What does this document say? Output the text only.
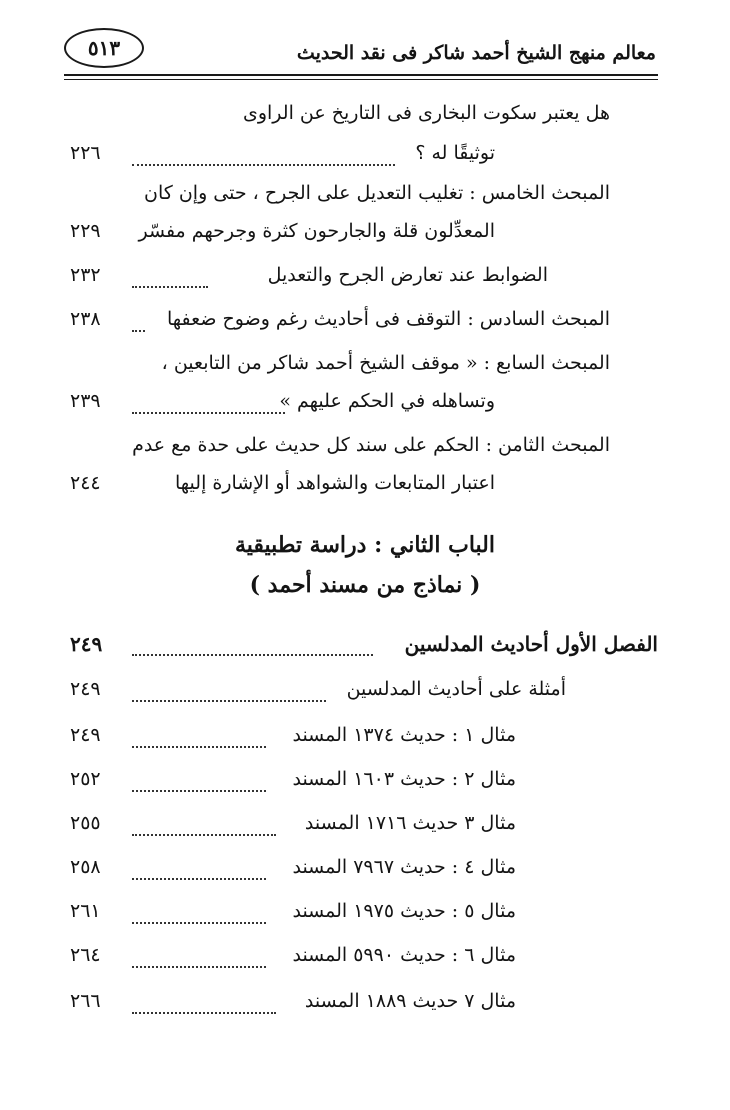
معالم منهج الشيخ أحمد شاكر فى نقد الحديث
٥١٣
هل يعتبر سكوت البخارى فى التاريخ عن الراوى
توثيقًا له ؟
٢٢٦
المبحث الخامس : تغليب التعديل على الجرح ، حتى وإن كان
المعدِّلون قلة والجارحون كثرة وجرحهم مفسّر
٢٢٩
الضوابط عند تعارض الجرح والتعديل
٢٣٢
المبحث السادس : التوقف فى أحاديث رغم وضوح ضعفها
٢٣٨
المبحث السابع : « موقف الشيخ أحمد شاكر من التابعين ،
وتساهله في الحكم عليهم »
٢٣٩
المبحث الثامن : الحكم على سند كل حديث على حدة مع عدم
اعتبار المتابعات والشواهد أو الإشارة إليها
٢٤٤
الباب الثاني : دراسة تطبيقية
( نماذج من مسند أحمد )
الفصل الأول أحاديث المدلسين
٢٤٩
أمثلة على أحاديث المدلسين
٢٤٩
مثال ١ : حديث ١٣٧٤ المسند
٢٤٩
مثال ٢ : حديث ١٦٠٣ المسند
٢٥٢
مثال ٣ حديث ١٧١٦ المسند
٢٥٥
مثال ٤ : حديث ٧٩٦٧ المسند
٢٥٨
مثال ٥ : حديث ١٩٧٥ المسند
٢٦١
مثال ٦ : حديث ٥٩٩٠ المسند
٢٦٤
مثال ٧ حديث ١٨٨٩ المسند
٢٦٦
